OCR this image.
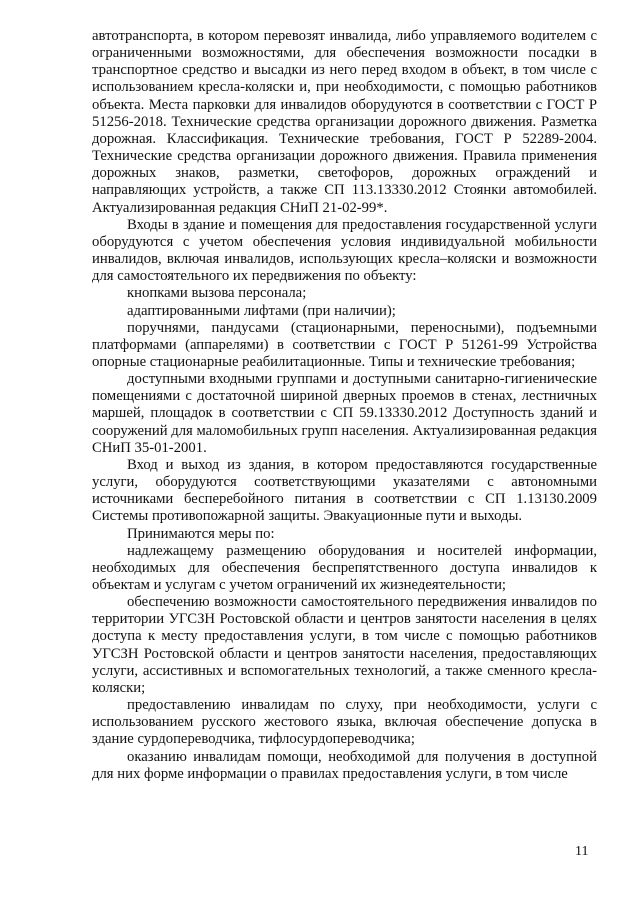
автотранспорта, в котором перевозят инвалида, либо управляемого водителем с ограниченными возможностями, для обеспечения возможности посадки в транспортное средство и высадки из него перед входом в объект, в том числе с использованием кресла-коляски и, при необходимости, с помощью работников объекта. Места парковки для инвалидов оборудуются в соответствии с ГОСТ Р 51256-2018. Технические средства организации дорожного движения. Разметка дорожная. Классификация. Технические требования, ГОСТ Р 52289-2004. Технические средства организации дорожного движения. Правила применения дорожных знаков, разметки, светофоров, дорожных ограждений и направляющих устройств, а также СП 113.13330.2012 Стоянки автомобилей. Актуализированная редакция СНиП 21-02-99*.

Входы в здание и помещения для предоставления государственной услуги оборудуются с учетом обеспечения условия индивидуальной мобильности инвалидов, включая инвалидов, использующих кресла–коляски и возможности для самостоятельного их передвижения по объекту:

кнопками вызова персонала;

адаптированными лифтами (при наличии);

поручнями, пандусами (стационарными, переносными), подъемными платформами (аппарелями) в соответствии с ГОСТ Р 51261-99 Устройства опорные стационарные реабилитационные. Типы и технические требования;

доступными входными группами и доступными санитарно-гигиенические помещениями с достаточной шириной дверных проемов в стенах, лестничных маршей, площадок в соответствии с СП 59.13330.2012 Доступность зданий и сооружений для маломобильных групп населения. Актуализированная редакция СНиП 35-01-2001.

Вход и выход из здания, в котором предоставляются государственные услуги, оборудуются соответствующими указателями с автономными источниками бесперебойного питания в соответствии с СП 1.13130.2009 Системы противопожарной защиты. Эвакуационные пути и выходы.

Принимаются меры по:

надлежащему размещению оборудования и носителей информации, необходимых для обеспечения беспрепятственного доступа инвалидов к объектам и услугам с учетом ограничений их жизнедеятельности;

обеспечению возможности самостоятельного передвижения инвалидов по территории УГСЗН Ростовской области и центров занятости населения в целях доступа к месту предоставления услуги, в том числе с помощью работников УГСЗН Ростовской области и центров занятости населения, предоставляющих услуги, ассистивных и вспомогательных технологий, а также сменного кресла-коляски;

предоставлению инвалидам по слуху, при необходимости, услуги с использованием русского жестового языка, включая обеспечение допуска в здание сурдопереводчика, тифлосурдопереводчика;

оказанию инвалидам помощи, необходимой для получения в доступной для них форме информации о правилах предоставления услуги, в том числе

11
